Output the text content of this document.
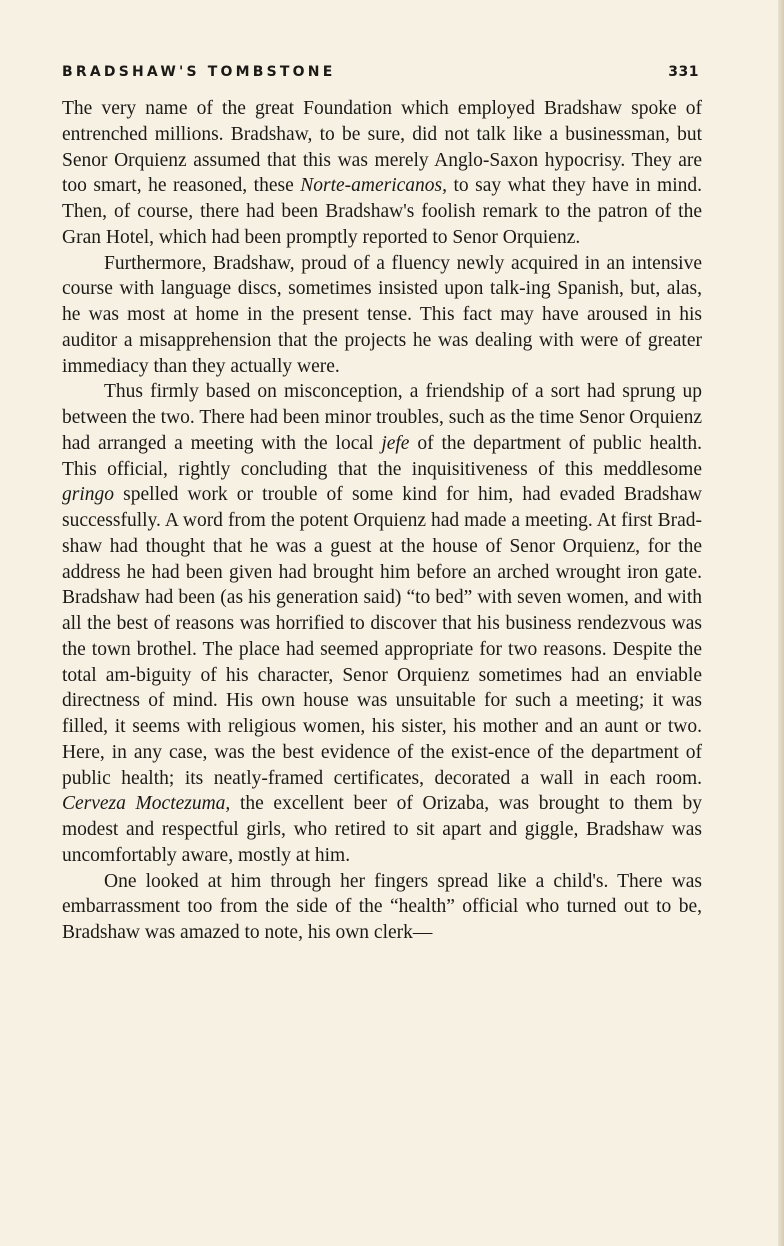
BRADSHAW'S TOMBSTONE	331

The very name of the great Foundation which employed Bradshaw spoke of entrenched millions. Bradshaw, to be sure, did not talk like a businessman, but Senor Orquienz assumed that this was merely Anglo-Saxon hypocrisy. They are too smart, he reasoned, these Norte-americanos, to say what they have in mind. Then, of course, there had been Bradshaw's foolish remark to the patron of the Gran Hotel, which had been promptly reported to Senor Orquienz.

Furthermore, Bradshaw, proud of a fluency newly acquired in an intensive course with language discs, sometimes insisted upon talk-ing Spanish, but, alas, he was most at home in the present tense. This fact may have aroused in his auditor a misapprehension that the projects he was dealing with were of greater immediacy than they actually were.

Thus firmly based on misconception, a friendship of a sort had sprung up between the two. There had been minor troubles, such as the time Senor Orquienz had arranged a meeting with the local jefe of the department of public health. This official, rightly concluding that the inquisitiveness of this meddlesome gringo spelled work or trouble of some kind for him, had evaded Bradshaw successfully. A word from the potent Orquienz had made a meeting. At first Brad-shaw had thought that he was a guest at the house of Senor Orquienz, for the address he had been given had brought him before an arched wrought iron gate. Bradshaw had been (as his generation said) “to bed” with seven women, and with all the best of reasons was horrified to discover that his business rendezvous was the town brothel. The place had seemed appropriate for two reasons. Despite the total am-biguity of his character, Senor Orquienz sometimes had an enviable directness of mind. His own house was unsuitable for such a meeting; it was filled, it seems with religious women, his sister, his mother and an aunt or two. Here, in any case, was the best evidence of the exist-ence of the department of public health; its neatly-framed certificates, decorated a wall in each room. Cerveza Moctezuma, the excellent beer of Orizaba, was brought to them by modest and respectful girls, who retired to sit apart and giggle, Bradshaw was uncomfortably aware, mostly at him.

One looked at him through her fingers spread like a child's. There was embarrassment too from the side of the “health” official who turned out to be, Bradshaw was amazed to note, his own clerk—
